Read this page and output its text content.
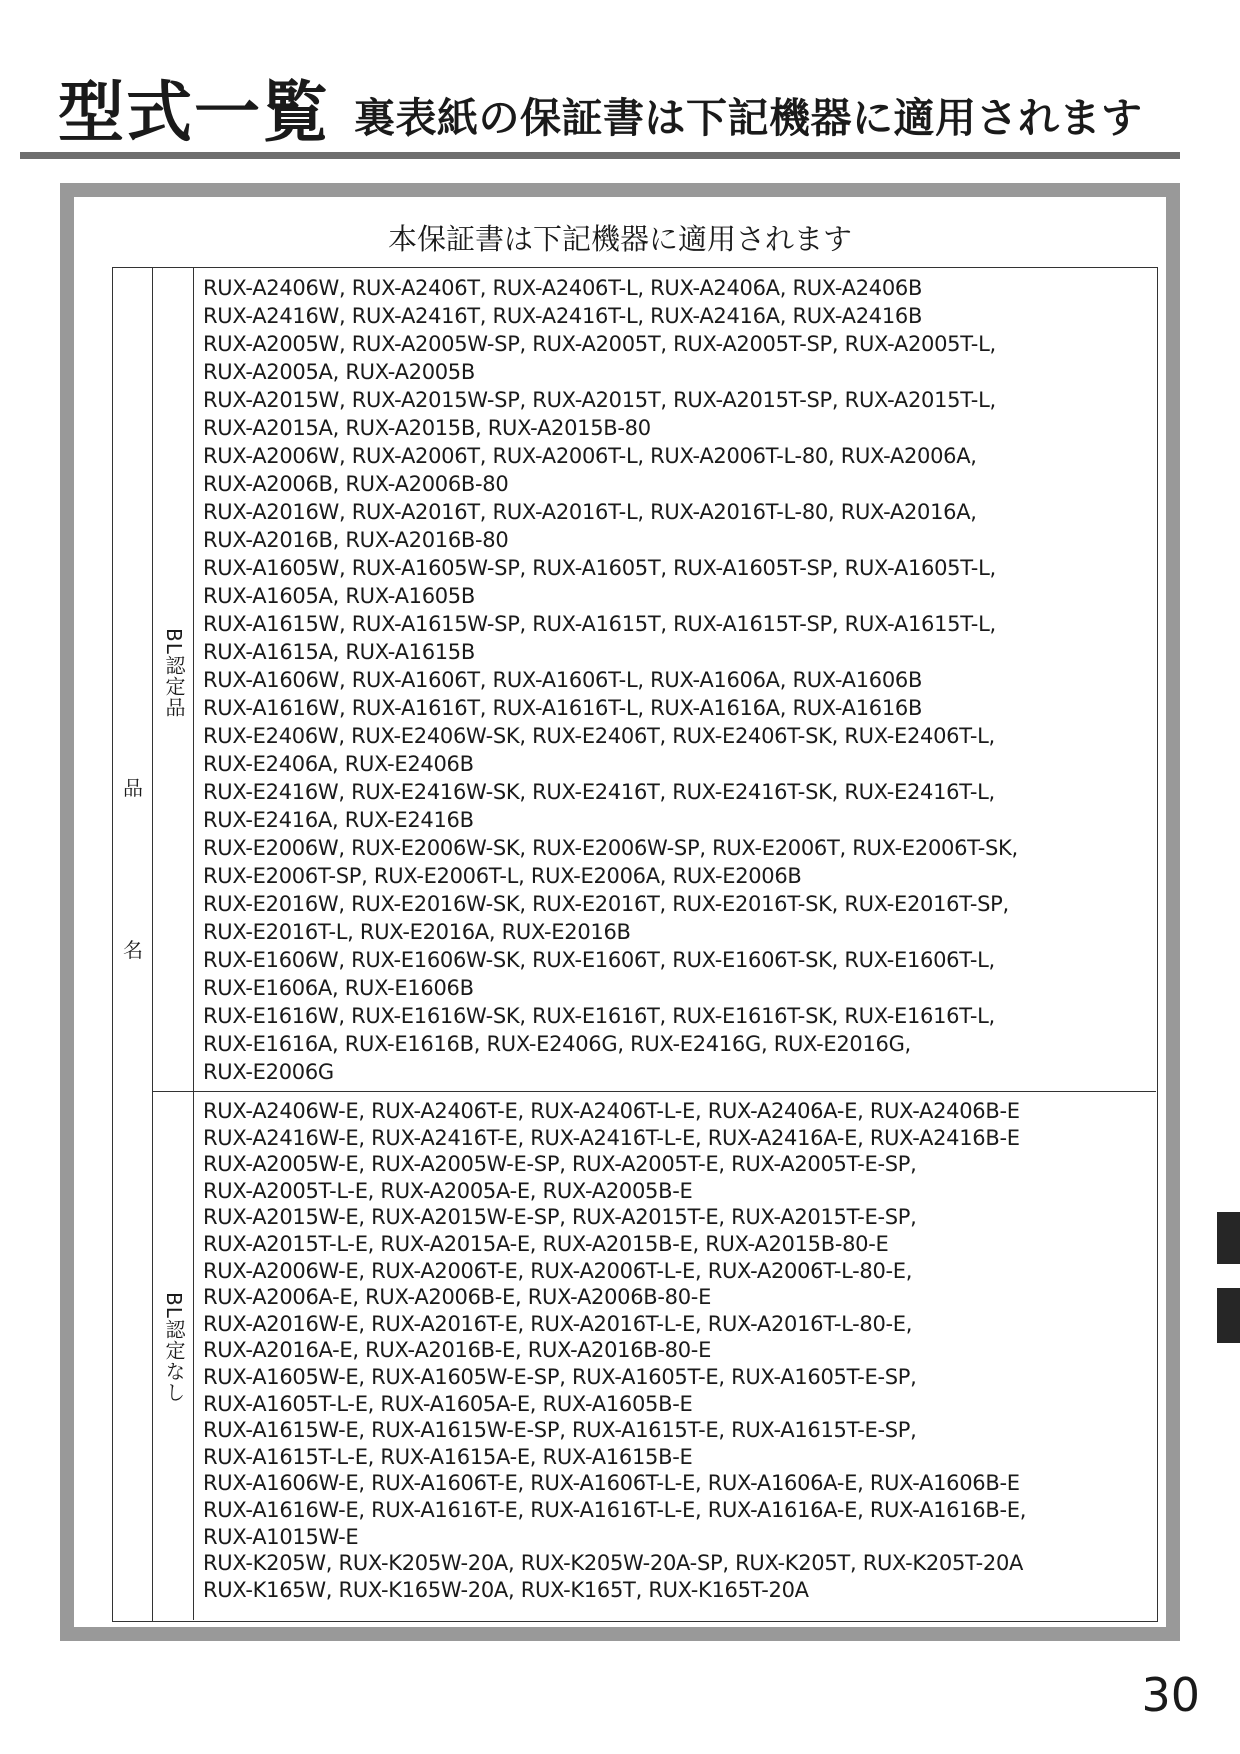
型式一覧 裏表紙の保証書は下記機器に適用されます
本保証書は下記機器に適用されます
品
名
BL認定品
RUX-A2406W, RUX-A2406T, RUX-A2406T-L, RUX-A2406A, RUX-A2406B
RUX-A2416W, RUX-A2416T, RUX-A2416T-L, RUX-A2416A, RUX-A2416B
RUX-A2005W, RUX-A2005W-SP, RUX-A2005T, RUX-A2005T-SP, RUX-A2005T-L,
RUX-A2005A, RUX-A2005B
RUX-A2015W, RUX-A2015W-SP, RUX-A2015T, RUX-A2015T-SP, RUX-A2015T-L,
RUX-A2015A, RUX-A2015B, RUX-A2015B-80
RUX-A2006W, RUX-A2006T, RUX-A2006T-L, RUX-A2006T-L-80, RUX-A2006A,
RUX-A2006B, RUX-A2006B-80
RUX-A2016W, RUX-A2016T, RUX-A2016T-L, RUX-A2016T-L-80, RUX-A2016A,
RUX-A2016B, RUX-A2016B-80
RUX-A1605W, RUX-A1605W-SP, RUX-A1605T, RUX-A1605T-SP, RUX-A1605T-L,
RUX-A1605A, RUX-A1605B
RUX-A1615W, RUX-A1615W-SP, RUX-A1615T, RUX-A1615T-SP, RUX-A1615T-L,
RUX-A1615A, RUX-A1615B
RUX-A1606W, RUX-A1606T, RUX-A1606T-L, RUX-A1606A, RUX-A1606B
RUX-A1616W, RUX-A1616T, RUX-A1616T-L, RUX-A1616A, RUX-A1616B
RUX-E2406W, RUX-E2406W-SK, RUX-E2406T, RUX-E2406T-SK, RUX-E2406T-L,
RUX-E2406A, RUX-E2406B
RUX-E2416W, RUX-E2416W-SK, RUX-E2416T, RUX-E2416T-SK, RUX-E2416T-L,
RUX-E2416A, RUX-E2416B
RUX-E2006W, RUX-E2006W-SK, RUX-E2006W-SP, RUX-E2006T, RUX-E2006T-SK,
RUX-E2006T-SP, RUX-E2006T-L, RUX-E2006A, RUX-E2006B
RUX-E2016W, RUX-E2016W-SK, RUX-E2016T, RUX-E2016T-SK, RUX-E2016T-SP,
RUX-E2016T-L, RUX-E2016A, RUX-E2016B
RUX-E1606W, RUX-E1606W-SK, RUX-E1606T, RUX-E1606T-SK, RUX-E1606T-L,
RUX-E1606A, RUX-E1606B
RUX-E1616W, RUX-E1616W-SK, RUX-E1616T, RUX-E1616T-SK, RUX-E1616T-L,
RUX-E1616A, RUX-E1616B, RUX-E2406G, RUX-E2416G, RUX-E2016G,
RUX-E2006G
BL認定なし
RUX-A2406W-E, RUX-A2406T-E, RUX-A2406T-L-E, RUX-A2406A-E, RUX-A2406B-E
RUX-A2416W-E, RUX-A2416T-E, RUX-A2416T-L-E, RUX-A2416A-E, RUX-A2416B-E
RUX-A2005W-E, RUX-A2005W-E-SP, RUX-A2005T-E, RUX-A2005T-E-SP,
RUX-A2005T-L-E, RUX-A2005A-E, RUX-A2005B-E
RUX-A2015W-E, RUX-A2015W-E-SP, RUX-A2015T-E, RUX-A2015T-E-SP,
RUX-A2015T-L-E, RUX-A2015A-E, RUX-A2015B-E, RUX-A2015B-80-E
RUX-A2006W-E, RUX-A2006T-E, RUX-A2006T-L-E, RUX-A2006T-L-80-E,
RUX-A2006A-E, RUX-A2006B-E, RUX-A2006B-80-E
RUX-A2016W-E, RUX-A2016T-E, RUX-A2016T-L-E, RUX-A2016T-L-80-E,
RUX-A2016A-E, RUX-A2016B-E, RUX-A2016B-80-E
RUX-A1605W-E, RUX-A1605W-E-SP, RUX-A1605T-E, RUX-A1605T-E-SP,
RUX-A1605T-L-E, RUX-A1605A-E, RUX-A1605B-E
RUX-A1615W-E, RUX-A1615W-E-SP, RUX-A1615T-E, RUX-A1615T-E-SP,
RUX-A1615T-L-E, RUX-A1615A-E, RUX-A1615B-E
RUX-A1606W-E, RUX-A1606T-E, RUX-A1606T-L-E, RUX-A1606A-E, RUX-A1606B-E
RUX-A1616W-E, RUX-A1616T-E, RUX-A1616T-L-E, RUX-A1616A-E, RUX-A1616B-E,
RUX-A1015W-E
RUX-K205W, RUX-K205W-20A, RUX-K205W-20A-SP, RUX-K205T, RUX-K205T-20A
RUX-K165W, RUX-K165W-20A, RUX-K165T, RUX-K165T-20A
30
